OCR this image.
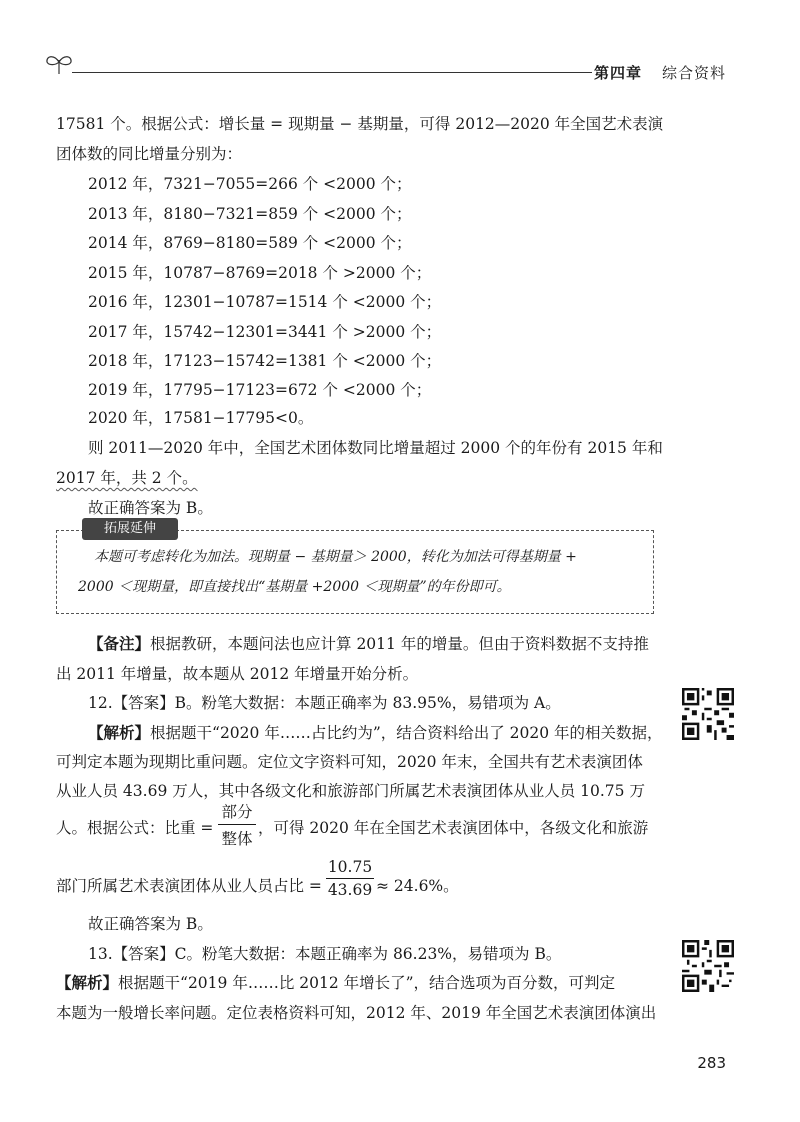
第四章 综合资料
17581 个。根据公式：增长量 = 现期量 − 基期量，可得 2012—2020 年全国艺术表演
团体数的同比增量分别为：
2012 年，7321−7055=266 个 <2000 个；
2013 年，8180−7321=859 个 <2000 个；
2014 年，8769−8180=589 个 <2000 个；
2015 年，10787−8769=2018 个 >2000 个；
2016 年，12301−10787=1514 个 <2000 个；
2017 年，15742−12301=3441 个 >2000 个；
2018 年，17123−15742=1381 个 <2000 个；
2019 年，17795−17123=672 个 <2000 个；
2020 年，17581−17795<0。
则 2011—2020 年中，全国艺术团体数同比增量超过 2000 个的年份有 2015 年和
2017 年，共 2 个。
故正确答案为 B。
拓展延伸
本题可考虑转化为加法。现期量 − 基期量＞ 2000，转化为加法可得基期量 +
2000 ＜现期量，即直接找出“基期量 +2000 ＜现期量”的年份即可。
【备注】根据教研，本题问法也应计算 2011 年的增量。但由于资料数据不支持推
出 2011 年增量，故本题从 2012 年增量开始分析。
12.【答案】B。粉笔大数据：本题正确率为 83.95%，易错项为 A。
【解析】根据题干“2020 年……占比约为”，结合资料给出了 2020 年的相关数据，
可判定本题为现期比重问题。定位文字资料可知，2020 年末，全国共有艺术表演团体
从业人员 43.69 万人，其中各级文化和旅游部门所属艺术表演团体从业人员 10.75 万
人。根据公式：比重 =
部分
整体
，可得 2020 年在全国艺术表演团体中，各级文化和旅游
部门所属艺术表演团体从业人员占比 =
10.75
43.69 ≈ 24.6%。
故正确答案为 B。
13.【答案】C。粉笔大数据：本题正确率为 86.23%，易错项为 B。
【解析】根据题干“2019 年……比 2012 年增长了”，结合选项为百分数，可判定
本题为一般增长率问题。定位表格资料可知，2012 年、2019 年全国艺术表演团体演出
283
